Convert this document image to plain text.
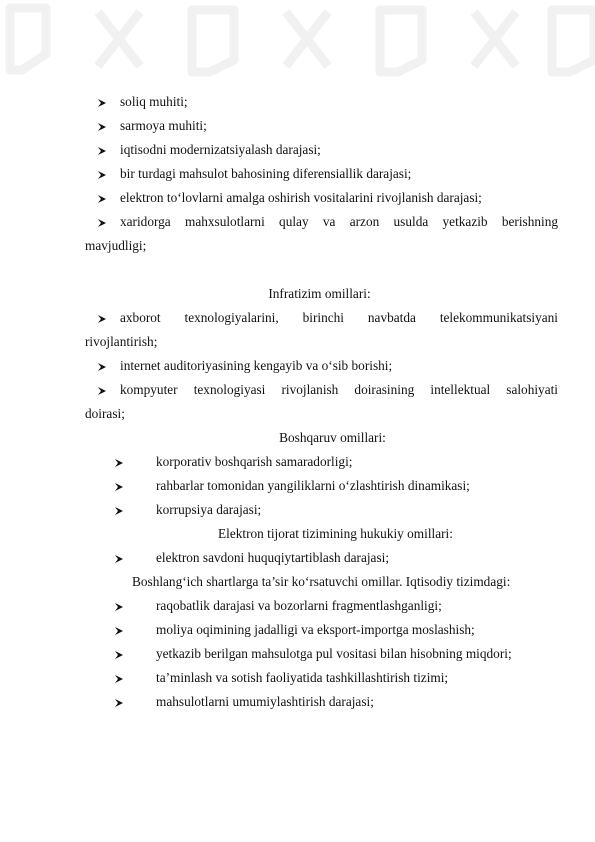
soliq muhiti;
sarmoya muhiti;
iqtisodni modernizatsiyalash darajasi;
bir turdagi mahsulot bahosining diferensiallik darajasi;
elektron to‘lovlarni amalga oshirish vositalarini rivojlanish darajasi;
xaridorga mahxsulotlarni qulay va arzon usulda yetkazib berishning
mavjudligi;
Infratizim omillari:
axborot texnologiyalarini, birinchi navbatda telekommunikatsiyani
rivojlantirish;
internet auditoriyasining kengayib va o‘sib borishi;
kompyuter texnologiyasi rivojlanish doirasining intellektual salohiyati
doirasi;
Boshqaruv omillari:
korporativ boshqarish samaradorligi;
rahbarlar tomonidan yangiliklarni o‘zlashtirish dinamikasi;
korrupsiya darajasi;
Elektron tijorat tizimining hukukiy omillari:
elektron savdoni huquqiytartiblash darajasi;
Boshlang‘ich shartlarga ta’sir ko‘rsatuvchi omillar. Iqtisodiy tizimdagi:
raqobatlik darajasi va bozorlarni fragmentlashganligi;
moliya oqimining jadalligi va eksport-importga moslashish;
yetkazib berilgan mahsulotga pul vositasi bilan hisobning miqdori;
ta’minlash va sotish faoliyatida tashkillashtirish tizimi;
mahsulotlarni umumiylashtirish darajasi;
